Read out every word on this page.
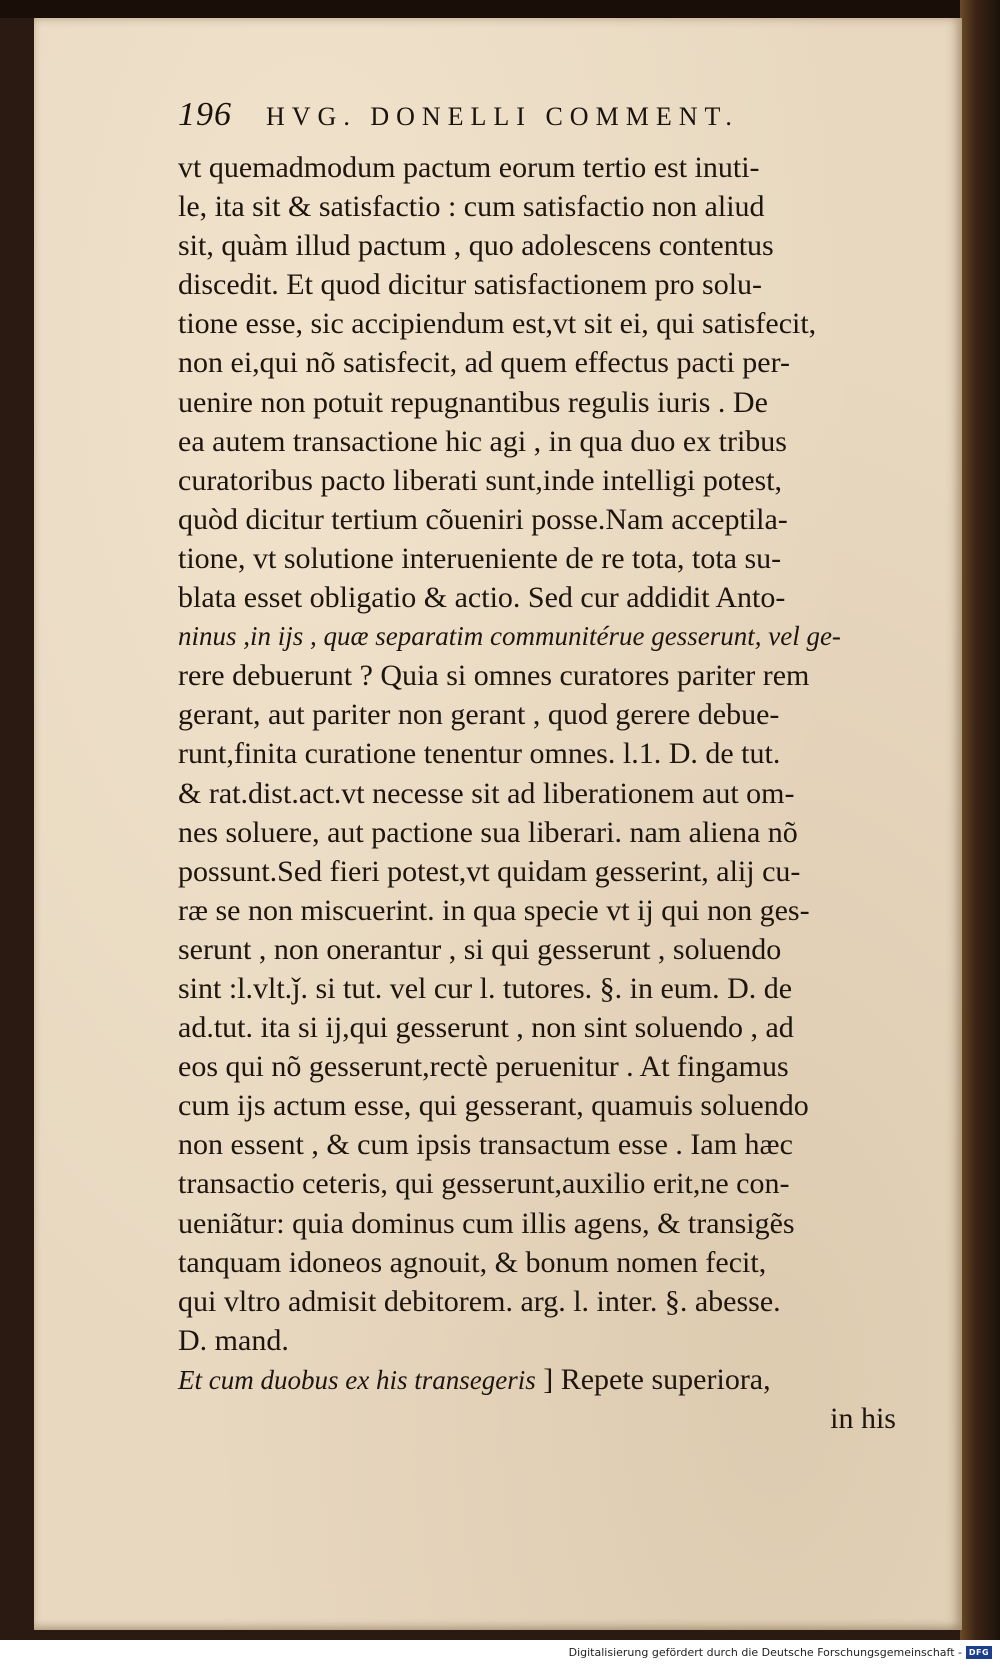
196 HVG. DONELLI COMMENT.
vt quemadmodum pactum eorum tertio est inuti-
le, ita sit & satisfactio : cum satisfactio non aliud
sit, quàm illud pactum , quo adolescens contentus
discedit. Et quod dicitur satisfactionem pro solu-
tione esse, sic accipiendum est,vt sit ei, qui satisfecit,
non ei,qui nõ satisfecit, ad quem effectus pacti per-
uenire non potuit repugnantibus regulis iuris . De
ea autem transactione hic agi , in qua duo ex tribus
curatoribus pacto liberati sunt,inde intelligi potest,
quòd dicitur tertium cõueniri posse.Nam acceptila-
tione, vt solutione interueniente de re tota, tota su-
blata esset obligatio & actio. Sed cur addidit Anto-
ninus ,in ijs , quæ separatim communitérue gesserunt, vel ge-
rere debuerunt ? Quia si omnes curatores pariter rem
gerant, aut pariter non gerant , quod gerere debue-
runt,finita curatione tenentur omnes. l.1. D. de tut.
& rat.dist.act.vt necesse sit ad liberationem aut om-
nes soluere, aut pactione sua liberari. nam aliena nõ
possunt.Sed fieri potest,vt quidam gesserint, alij cu-
ræ se non miscuerint. in qua specie vt ij qui non ges-
serunt , non onerantur , si qui gesserunt , soluendo
sint :l.vlt.ǰ. si tut. vel cur l. tutores. §. in eum. D. de
ad.tut. ita si ij,qui gesserunt , non sint soluendo , ad
eos qui nõ gesserunt,rectè peruenitur . At fingamus
cum ijs actum esse, qui gesserant, quamuis soluendo
non essent , & cum ipsis transactum esse . Iam hæc
transactio ceteris, qui gesserunt,auxilio erit,ne con-
ueniãtur: quia dominus cum illis agens, & transigẽs
tanquam idoneos agnouit, & bonum nomen fecit,
qui vltro admisit debitorem. arg. l. inter. §. abesse.
D. mand.
Et cum duobus ex his transegeris ] Repete superiora,
in his
Digitalisierung gefördert durch die Deutsche Forschungsgemeinschaft - DFG
